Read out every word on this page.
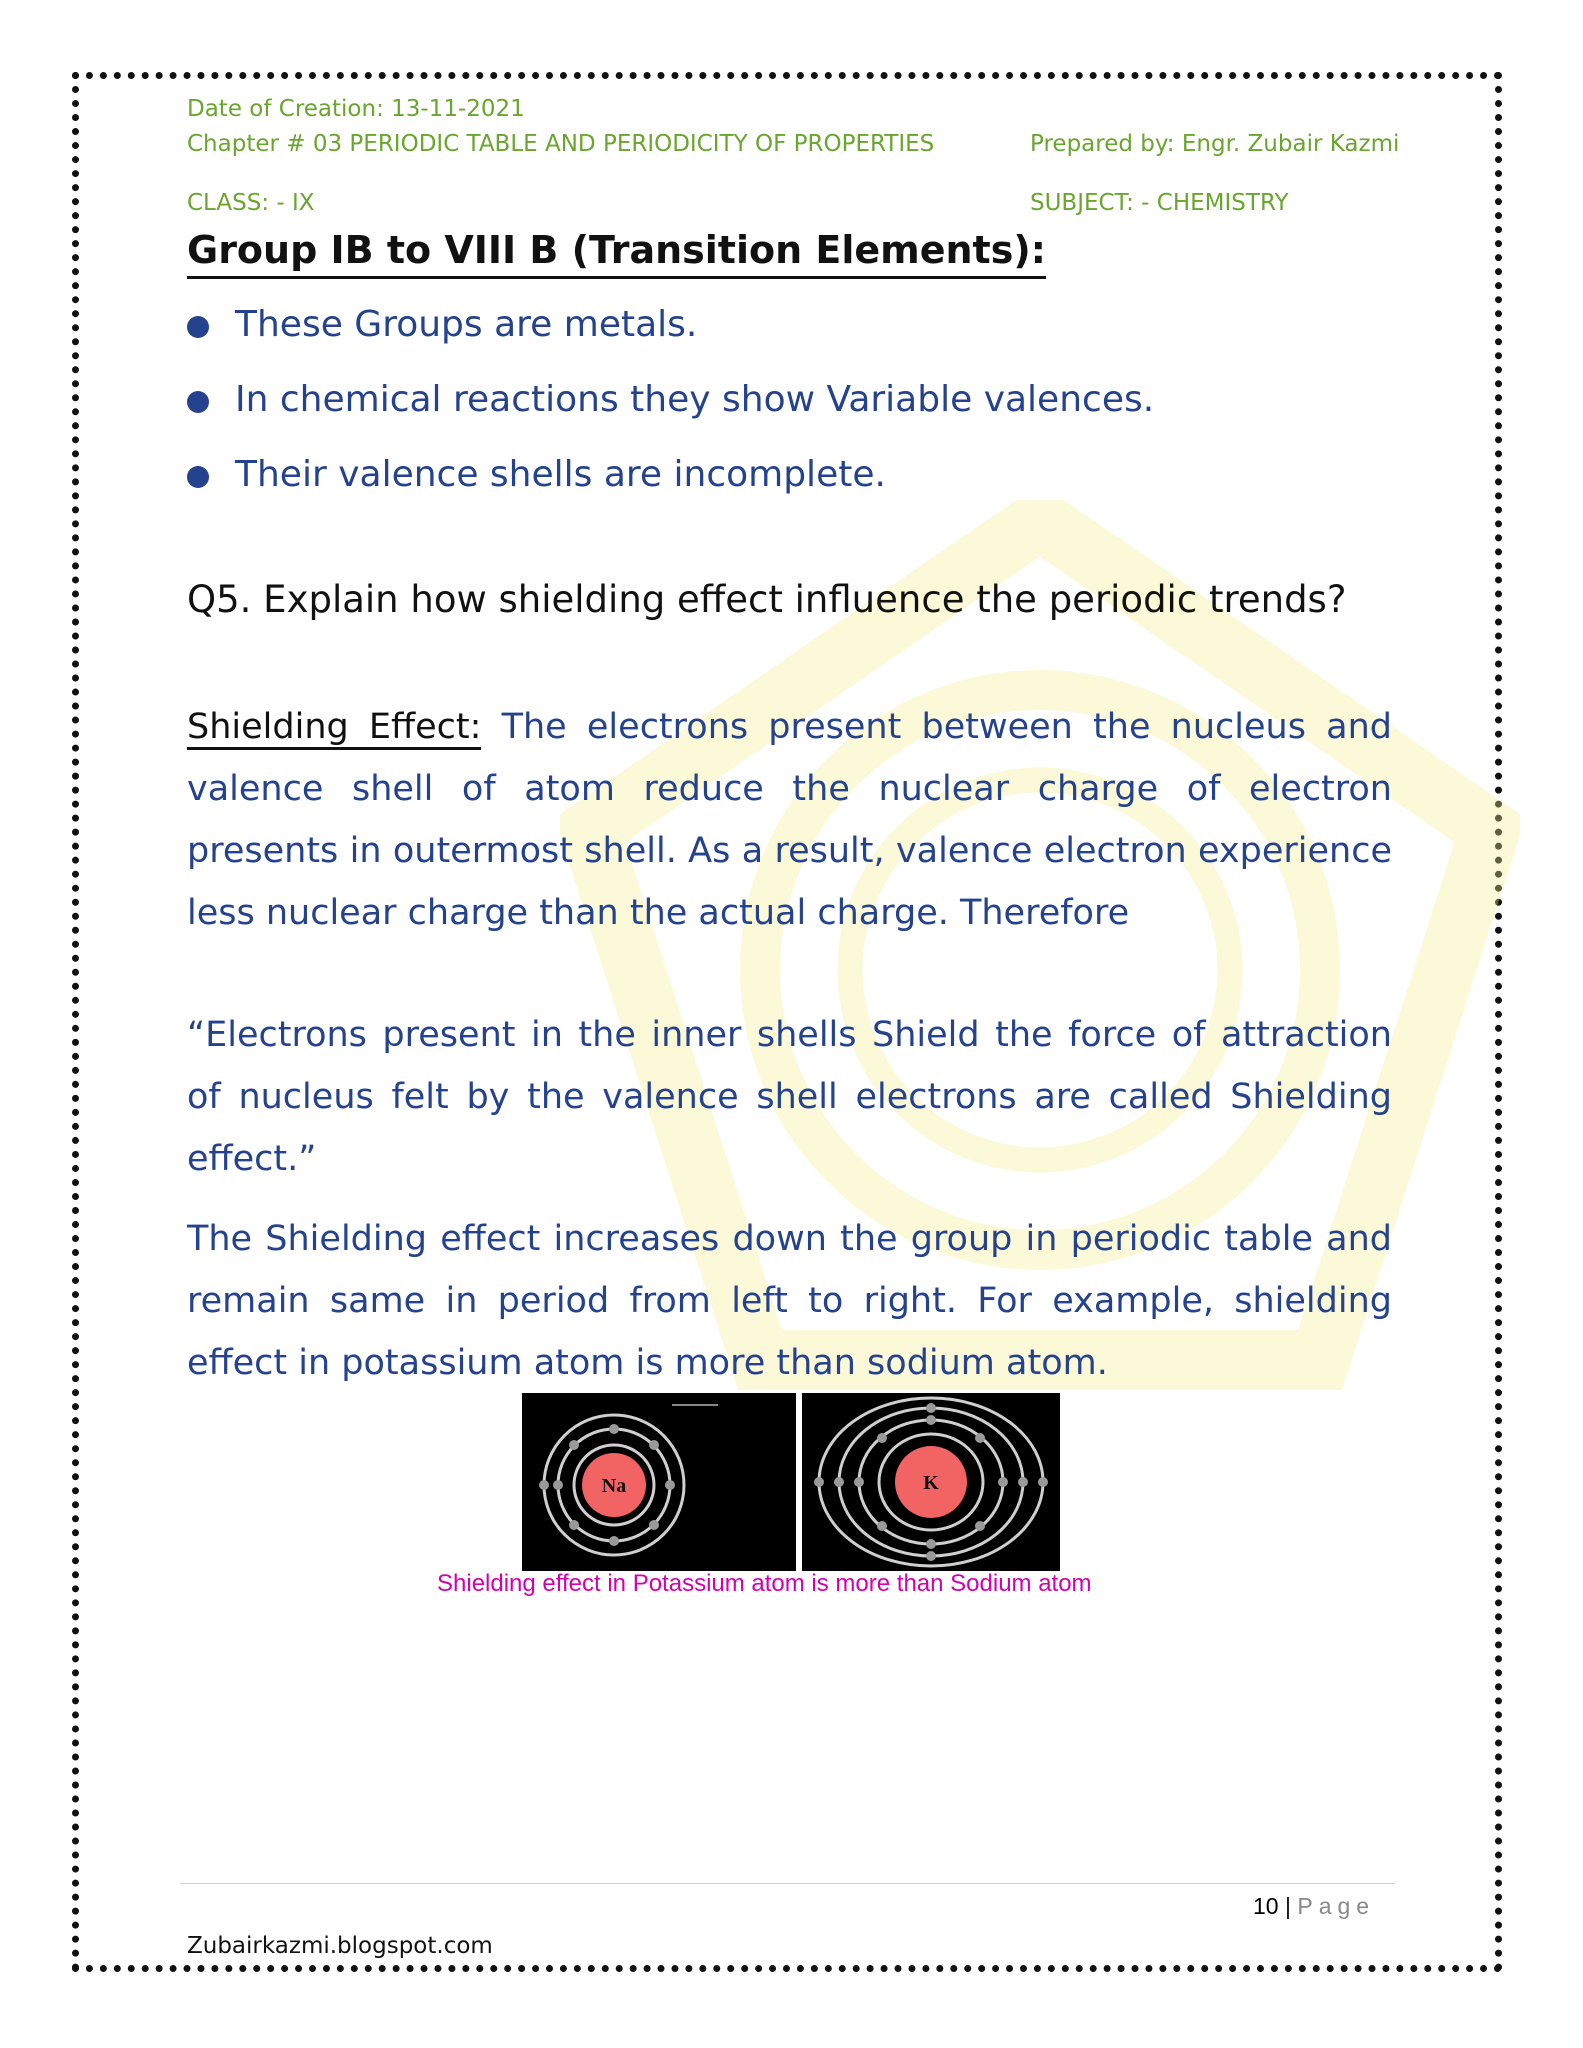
Date of Creation: 13-11-2021
Chapter # 03 PERIODIC TABLE AND PERIODICITY OF PROPERTIES	Prepared by: Engr. Zubair Kazmi
CLASS: - IX	SUBJECT: - CHEMISTRY
Group IB to VIII B (Transition Elements):
These Groups are metals.
In chemical reactions they show Variable valences.
Their valence shells are incomplete.
Q5. Explain how shielding effect influence the periodic trends?
Shielding Effect: The electrons present between the nucleus and valence shell of atom reduce the nuclear charge of electron presents in outermost shell. As a result, valence electron experience less nuclear charge than the actual charge. Therefore
“Electrons present in the inner shells Shield the force of attraction of nucleus felt by the valence shell electrons are called Shielding effect.”
The Shielding effect increases down the group in periodic table and remain same in period from left to right. For example, shielding effect in potassium atom is more than sodium atom.
Na	K
Shielding effect in Potassium atom is more than Sodium atom
10 | Page
Zubairkazmi.blogspot.com
